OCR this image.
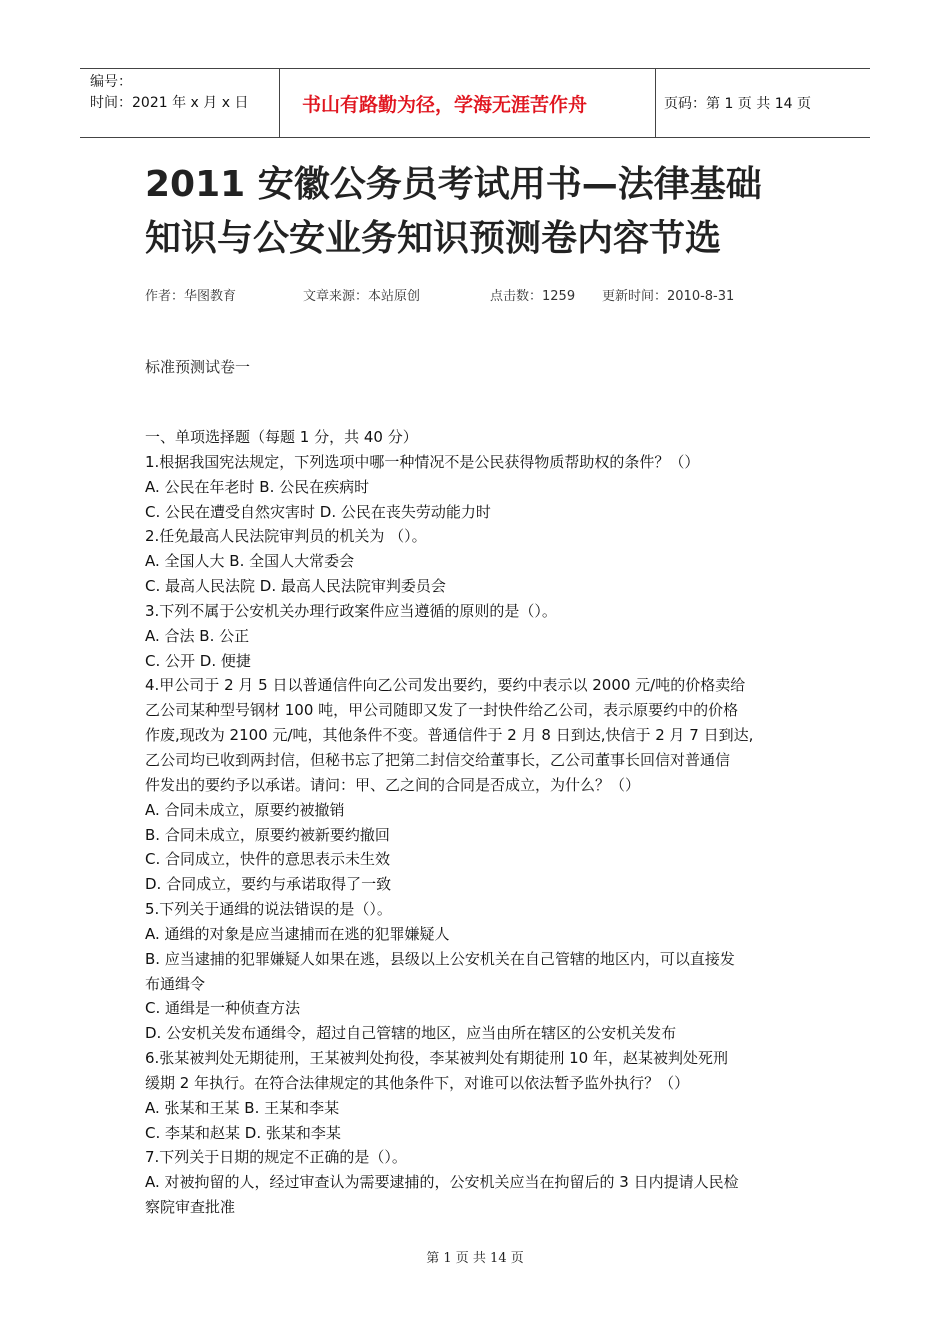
编号：
时间：2021 年 x 月 x 日	书山有路勤为径，学海无涯苦作舟	页码：第 1 页 共 14 页
2011 安徽公务员考试用书—法律基础
知识与公安业务知识预测卷内容节选
作者：华图教育	文章来源：本站原创	点击数：1259	更新时间：2010-8-31

标准预测试卷一

一、单项选择题（每题 1 分，共 40 分）

1.根据我国宪法规定，下列选项中哪一种情况不是公民获得物质帮助权的条件？（）

A. 公民在年老时 B. 公民在疾病时

C. 公民在遭受自然灾害时 D. 公民在丧失劳动能力时

2.任免最高人民法院审判员的机关为 （）。

A. 全国人大 B. 全国人大常委会

C. 最高人民法院 D. 最高人民法院审判委员会

3.下列不属于公安机关办理行政案件应当遵循的原则的是（）。

A. 合法 B. 公正

C. 公开 D. 便捷

4.甲公司于 2 月 5 日以普通信件向乙公司发出要约，要约中表示以 2000 元/吨的价格卖给

乙公司某种型号钢材 100 吨，甲公司随即又发了一封快件给乙公司，表示原要约中的价格

作废,现改为 2100 元/吨，其他条件不变。普通信件于 2 月 8 日到达,快信于 2 月 7 日到达,

乙公司均已收到两封信，但秘书忘了把第二封信交给董事长，乙公司董事长回信对普通信

件发出的要约予以承诺。请问：甲、乙之间的合同是否成立，为什么？（）

A. 合同未成立，原要约被撤销

B. 合同未成立，原要约被新要约撤回

C. 合同成立，快件的意思表示未生效

D. 合同成立，要约与承诺取得了一致

5.下列关于通缉的说法错误的是（）。

A. 通缉的对象是应当逮捕而在逃的犯罪嫌疑人

B. 应当逮捕的犯罪嫌疑人如果在逃，县级以上公安机关在自己管辖的地区内，可以直接发

布通缉令

C. 通缉是一种侦查方法

D. 公安机关发布通缉令，超过自己管辖的地区，应当由所在辖区的公安机关发布

6.张某被判处无期徒刑，王某被判处拘役，李某被判处有期徒刑 10 年，赵某被判处死刑

缓期 2 年执行。在符合法律规定的其他条件下，对谁可以依法暂予监外执行？（）

A. 张某和王某 B. 王某和李某

C. 李某和赵某 D. 张某和李某

7.下列关于日期的规定不正确的是（）。

A. 对被拘留的人，经过审查认为需要逮捕的，公安机关应当在拘留后的 3 日内提请人民检

察院审查批准

第 1 页 共 14 页
